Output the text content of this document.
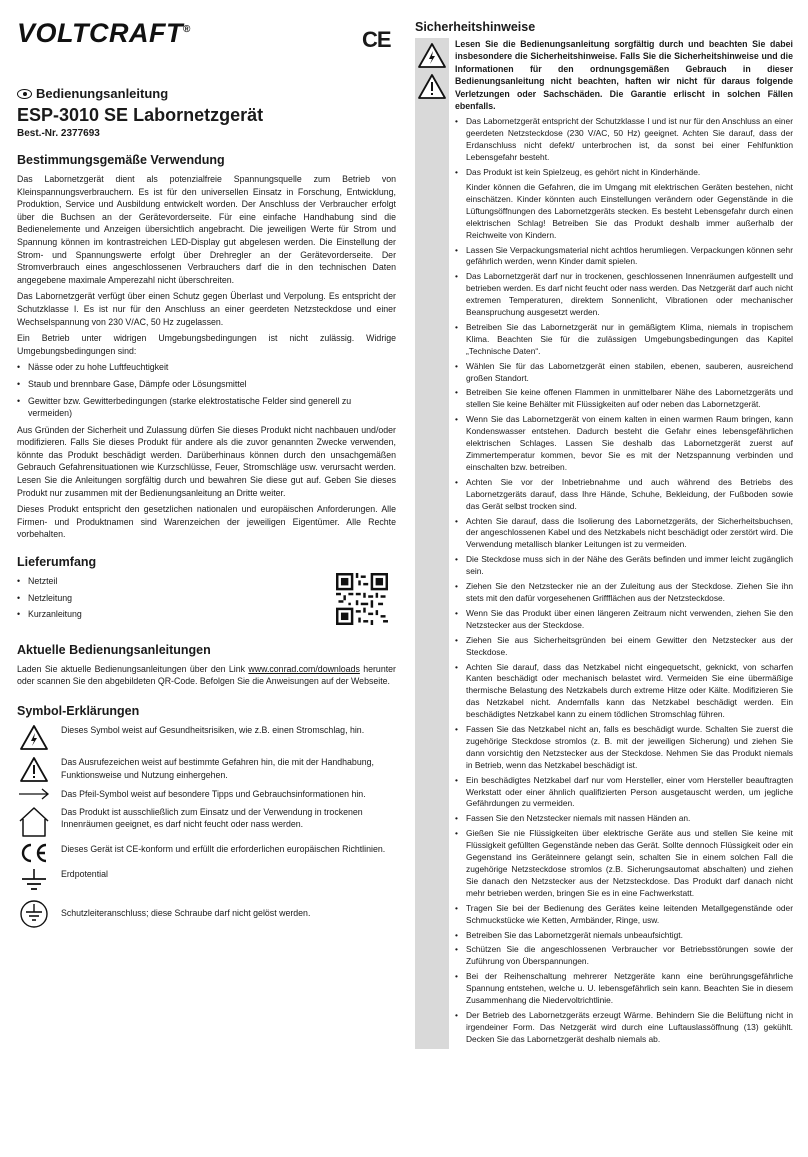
VOLTCRAFT®	CE
Bedienungsanleitung
ESP-3010 SE Labornetzgerät
Best.-Nr. 2377693
Bestimmungsgemäße Verwendung

Das Labornetzgerät dient als potenzialfreie Spannungsquelle zum Betrieb von Kleinspannungsverbrauchern. Es ist für den universellen Einsatz in Forschung, Entwicklung, Produktion, Service und Ausbildung entwickelt worden. Der Anschluss der Verbraucher erfolgt über die Buchsen an der Gerätevorderseite. Für eine einfache Handhabung sind die Bedienelemente und Anzeigen übersichtlich angebracht. Die jeweiligen Werte für Strom und Spannung können im kontrastreichen LED-Display gut abgelesen werden. Die Einstellung der Strom- und Spannungswerte erfolgt über Drehregler an der Gerätevorderseite. Der Stromverbrauch eines angeschlossenen Verbrauchers darf die in den technischen Daten angegebene maximale Amperezahl nicht überschreiten.

Das Labornetzgerät verfügt über einen Schutz gegen Überlast und Verpolung. Es entspricht der Schutzklasse I. Es ist nur für den Anschluss an einer geerdeten Netzsteckdose und einer Wechselspannung von 230 V/AC, 50 Hz zugelassen.

Ein Betrieb unter widrigen Umgebungsbedingungen ist nicht zulässig. Widrige Umgebungsbedingungen sind:

• Nässe oder zu hohe Luftfeuchtigkeit
• Staub und brennbare Gase, Dämpfe oder Lösungsmittel
• Gewitter bzw. Gewitterbedingungen (starke elektrostatische Felder sind generell zu vermeiden)

Aus Gründen der Sicherheit und Zulassung dürfen Sie dieses Produkt nicht nachbauen und/oder modifizieren. Falls Sie dieses Produkt für andere als die zuvor genannten Zwecke verwenden, könnte das Produkt beschädigt werden. Darüberhinaus können durch den unsachgemäßen Gebrauch Gefahrensituationen wie Kurzschlüsse, Feuer, Stromschläge usw. verursacht werden. Lesen Sie die Anleitungen sorgfältig durch und bewahren Sie diese gut auf. Geben Sie dieses Produkt nur zusammen mit der Bedienungsanleitung an Dritte weiter.

Dieses Produkt entspricht den gesetzlichen nationalen und europäischen Anforderungen. Alle Firmen- und Produktnamen sind Warenzeichen der jeweiligen Eigentümer. Alle Rechte vorbehalten.

Lieferumfang
• Netzteil
• Netzleitung
• Kurzanleitung
Aktuelle Bedienungsanleitungen

Laden Sie aktuelle Bedienungsanleitungen über den Link www.conrad.com/downloads herunter oder scannen Sie den abgebildeten QR-Code. Befolgen Sie die Anweisungen auf der Webseite.

Symbol-Erklärungen
Dieses Symbol weist auf Gesundheitsrisiken, wie z.B. einen Stromschlag, hin.
Das Ausrufezeichen weist auf bestimmte Gefahren hin, die mit der Handhabung, Funktionsweise und Nutzung einhergehen.
Das Pfeil-Symbol weist auf besondere Tipps und Gebrauchsinformationen hin.
Das Produkt ist ausschließlich zum Einsatz und der Verwendung in trockenen Innenräumen geeignet, es darf nicht feucht oder nass werden.
Dieses Gerät ist CE-konform und erfüllt die erforderlichen europäischen Richtlinien.
Erdpotential
Schutzleiteranschluss; diese Schraube darf nicht gelöst werden.
Sicherheitshinweise
Lesen Sie die Bedienungsanleitung sorgfältig durch und beachten Sie dabei insbesondere die Sicherheitshinweise. Falls Sie die Sicherheitshinweise und die Informationen für den ordnungsgemäßen Gebrauch in dieser Bedienungsanleitung nicht beachten, haften wir nicht für daraus folgende Verletzungen oder Sachschäden. Die Garantie erlischt in solchen Fällen ebenfalls.
• Das Labornetzgerät entspricht der Schutzklasse I und ist nur für den Anschluss an einer geerdeten Netzsteckdose (230 V/AC, 50 Hz) geeignet. Achten Sie darauf, dass der Erdanschluss nicht defekt/ unterbrochen ist, da sonst bei einer Fehlfunktion Lebensgefahr besteht.
• Das Produkt ist kein Spielzeug, es gehört nicht in Kinderhände.
Kinder können die Gefahren, die im Umgang mit elektrischen Geräten bestehen, nicht einschätzen. Kinder könnten auch Einstellungen verändern oder Gegenstände in die Lüftungsöffnungen des Labornetzgeräts stecken. Es besteht Lebensgefahr durch einen elektrischen Schlag! Betreiben Sie das Produkt deshalb immer außerhalb der Reichweite von Kindern.
• Lassen Sie Verpackungsmaterial nicht achtlos herumliegen. Verpackungen können sehr gefährlich werden, wenn Kinder damit spielen.
• Das Labornetzgerät darf nur in trockenen, geschlossenen Innenräumen aufgestellt und betrieben werden. Es darf nicht feucht oder nass werden. Das Netzgerät darf auch nicht extremen Temperaturen, direktem Sonnenlicht, Vibrationen oder mechanischer Beanspruchung ausgesetzt werden.
• Betreiben Sie das Labornetzgerät nur in gemäßigtem Klima, niemals in tropischem Klima. Beachten Sie für die zulässigen Umgebungsbedingungen das Kapitel „Technische Daten“.
• Wählen Sie für das Labornetzgerät einen stabilen, ebenen, sauberen, ausreichend großen Standort.
• Betreiben Sie keine offenen Flammen in unmittelbarer Nähe des Labornetzgeräts und stellen Sie keine Behälter mit Flüssigkeiten auf oder neben das Labornetzgerät.
• Wenn Sie das Labornetzgerät von einem kalten in einen warmen Raum bringen, kann Kondenswasser entstehen. Dadurch besteht die Gefahr eines lebensgefährlichen elektrischen Schlages. Lassen Sie deshalb das Labornetzgerät zuerst auf Zimmertemperatur kommen, bevor Sie es mit der Netzspannung verbinden und einschalten bzw. betreiben.
• Achten Sie vor der Inbetriebnahme und auch während des Betriebs des Labornetzgeräts darauf, dass Ihre Hände, Schuhe, Bekleidung, der Fußboden sowie das Gerät selbst trocken sind.
• Achten Sie darauf, dass die Isolierung des Labornetzgeräts, der Sicherheitsbuchsen, der angeschlossenen Kabel und des Netzkabels nicht beschädigt oder zerstört wird. Die Verwendung metallisch blanker Leitungen ist zu vermeiden.
• Die Steckdose muss sich in der Nähe des Geräts befinden und immer leicht zugänglich sein.
• Ziehen Sie den Netzstecker nie an der Zuleitung aus der Steckdose. Ziehen Sie ihn stets mit den dafür vorgesehenen Griffflächen aus der Netzsteckdose.
• Wenn Sie das Produkt über einen längeren Zeitraum nicht verwenden, ziehen Sie den Netzstecker aus der Steckdose.
• Ziehen Sie aus Sicherheitsgründen bei einem Gewitter den Netzstecker aus der Steckdose.
• Achten Sie darauf, dass das Netzkabel nicht eingequetscht, geknickt, von scharfen Kanten beschädigt oder mechanisch belastet wird. Vermeiden Sie eine übermäßige thermische Belastung des Netzkabels durch extreme Hitze oder Kälte. Modifizieren Sie das Netzkabel nicht. Andernfalls kann das Netzkabel beschädigt werden. Ein beschädigtes Netzkabel kann zu einem tödlichen Stromschlag führen.
• Fassen Sie das Netzkabel nicht an, falls es beschädigt wurde. Schalten Sie zuerst die zugehörige Steckdose stromlos (z. B. mit der jeweiligen Sicherung) und ziehen Sie dann vorsichtig den Netzstecker aus der Steckdose. Nehmen Sie das Produkt niemals in Betrieb, wenn das Netzkabel beschädigt ist.
• Ein beschädigtes Netzkabel darf nur vom Hersteller, einer vom Hersteller beauftragten Werkstatt oder einer ähnlich qualifizierten Person ausgetauscht werden, um jegliche Gefährdungen zu vermeiden.
• Fassen Sie den Netzstecker niemals mit nassen Händen an.
• Gießen Sie nie Flüssigkeiten über elektrische Geräte aus und stellen Sie keine mit Flüssigkeit gefüllten Gegenstände neben das Gerät. Sollte dennoch Flüssigkeit oder ein Gegenstand ins Geräteinnere gelangt sein, schalten Sie in einem solchen Fall die zugehörige Netzsteckdose stromlos (z.B. Sicherungsautomat abschalten) und ziehen Sie danach den Netzstecker aus der Netzsteckdose. Das Produkt darf danach nicht mehr betrieben werden, bringen Sie es in eine Fachwerkstatt.
• Tragen Sie bei der Bedienung des Gerätes keine leitenden Metallgegenstände oder Schmuckstücke wie Ketten, Armbänder, Ringe, usw.
• Betreiben Sie das Labornetzgerät niemals unbeaufsichtigt.
• Schützen Sie die angeschlossenen Verbraucher vor Betriebsstörungen sowie der Zuführung von Überspannungen.
• Bei der Reihenschaltung mehrerer Netzgeräte kann eine berührungsgefährliche Spannung entstehen, welche u. U. lebensgefährlich sein kann. Beachten Sie in diesem Zusammenhang die Niedervoltrichtlinie.
• Der Betrieb des Labornetzgeräts erzeugt Wärme. Behindern Sie die Belüftung nicht in irgendeiner Form. Das Netzgerät wird durch eine Luftauslassöffnung (13) gekühlt. Decken Sie das Labornetzgerät deshalb niemals ab.
